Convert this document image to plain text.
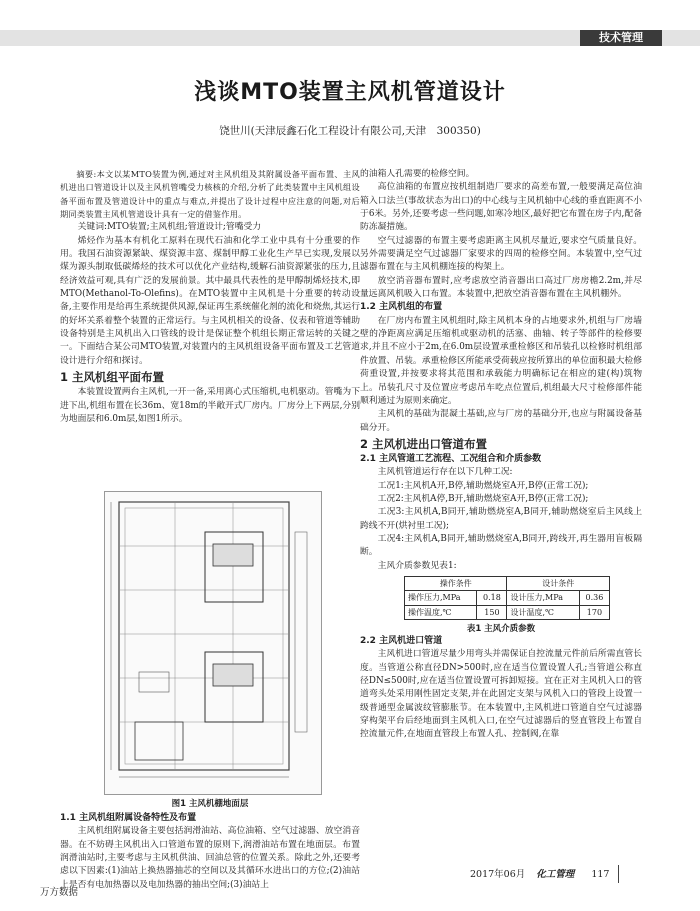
技术管理
浅谈MTO装置主风机管道设计
饶世川(天津辰鑫石化工程设计有限公司,天津　300350)

摘要:本文以某MTO装置为例,通过对主风机组及其附属设备平面布置、主风机进出口管道设计以及主风机管嘴受力核核的介绍,分析了此类装置中主风机组设备平面布置及管道设计中的重点与难点,并提出了设计过程中应注意的问题,对后期同类装置主风机管道设计具有一定的借鉴作用。

关键词:MTO装置;主风机组;管道设计;管嘴受力

烯烃作为基本有机化工原料在现代石油和化学工业中具有十分重要的作用。我国石油资源紧缺、煤资源丰富、煤制甲醇工业化生产早已实现,发展以煤为源头制取低碳烯烃的技术可以优化产业结构,缓解石油资源紧张的压力,且经济效益可观,具有广泛的发展前景。其中最具代表性的是甲醇制烯烃技术,即MTO(Methanol-To-Olefins)。在MTO装置中主风机是十分重要的转动设备,主要作用是给再生系统提供风源,保证再生系统催化剂的流化和烧焦,其运行的好坏关系着整个装置的正常运行。与主风机相关的设备、仪表和管道等辅助设备特别是主风机出入口管线的设计是保证整个机组长期正常运转的关键之一。下面结合某公司MTO装置,对装置内的主风机组设备平面布置及工艺管道设计进行介绍和探讨。

1 主风机组平面布置

本装置设置两台主风机,一开一备,采用离心式压缩机,电机驱动。管嘴为下进下出,机组布置在长36m、宽18m的半敞开式厂房内。厂房分上下两层,分别为地面层和6.0m层,如图1所示。

图1 主风机棚地面层
1.1 主风机组附属设备特性及布置

主风机组附属设备主要包括润滑油站、高位油箱、空气过滤器、放空消音器。在不妨碍主风机出入口管道布置的原则下,润滑油站布置在地面层。布置润滑油站时,主要考虑与主风机供油、回油总管的位置关系。除此之外,还要考虑以下因素:(1)油站上换热器抽芯的空间以及其循环水进出口的方位;(2)油站上是否有电加热器以及电加热器的抽出空间;(3)油站上

的油箱人孔需要的检修空间。

高位油箱的布置应按机组制造厂要求的高差布置,一般要满足高位油箱入口法兰(事故状态为出口)的中心线与主风机轴中心线的垂直距离不小于6米。另外,还要考虑一些问题,如寒冷地区,最好把它布置在房子内,配备防冻凝措施。

空气过滤器的布置主要考虑距离主风机尽量近,要求空气质量良好。另外需要满足空气过滤器厂家要求的四周的检修空间。本装置中,空气过滤器布置在与主风机棚连接的构架上。

放空消音器布置时,应考虑放空消音器出口高过厂房房檐2.2m,并尽量远离风机吸入口布置。本装置中,把放空消音器布置在主风机棚外。

1.2 主风机组的布置

在厂房内布置主风机组时,除主风机本身的占地要求外,机组与厂房墙壁的净距离应满足压缩机或驱动机的活塞、曲轴、转子等部件的检修要求,并且不应小于2m,在6.0m层设置承重检修区和吊装孔以检修时机组部件放置、吊装。承重检修区所能承受荷载应按所算出的单位面积最大检修荷重设置,并按要求将其范围和承载能力明确标记在相应的建(构)筑物上。吊装孔尺寸及位置应考虑吊车吃点位置后,机组最大尺寸检修部件能顺利通过为原则来确定。

主风机的基础为混凝土基础,应与厂房的基础分开,也应与附属设备基础分开。

2 主风机进出口管道布置
2.1 主风管道工艺流程、工况组合和介质参数

主风机管道运行存在以下几种工况:

工况1:主风机A开,B停,辅助燃烧室A开,B停(正常工况);

工况2:主风机A停,B开,辅助燃烧室A开,B停(正常工况);

工况3:主风机A,B同开,辅助燃烧室A,B同开,辅助燃烧室后主风线上跨线不开(烘衬里工况);

工况4:主风机A,B同开,辅助燃烧室A,B同开,跨线开,再生器用盲板隔断。

主风介质参数见表1:

操作条件		设计条件	
操作压力,MPa	0.18	设计压力,MPa	0.36
操作温度,℃	150	设计温度,℃	170
表1 主风介质参数
2.2 主风机进口管道

主风机进口管道尽量少用弯头并需保证自控流量元件前后所需直管长度。当管道公称直径DN>500时,应在适当位置设置人孔;当管道公称直径DN≤500时,应在适当位置设置可拆卸短接。宜在正对主风机入口的管道弯头处采用刚性固定支架,并在此固定支架与风机入口的管段上设置一级普通型金属波纹管膨胀节。在本装置中,主风机进口管道自空气过滤器穿构架平台后经地面到主风机入口,在空气过滤器后的竖直管段上布置自控流量元件,在地面直管段上布置人孔、控制阀,在靠

2017年06月 化工管理 117
万方数据
